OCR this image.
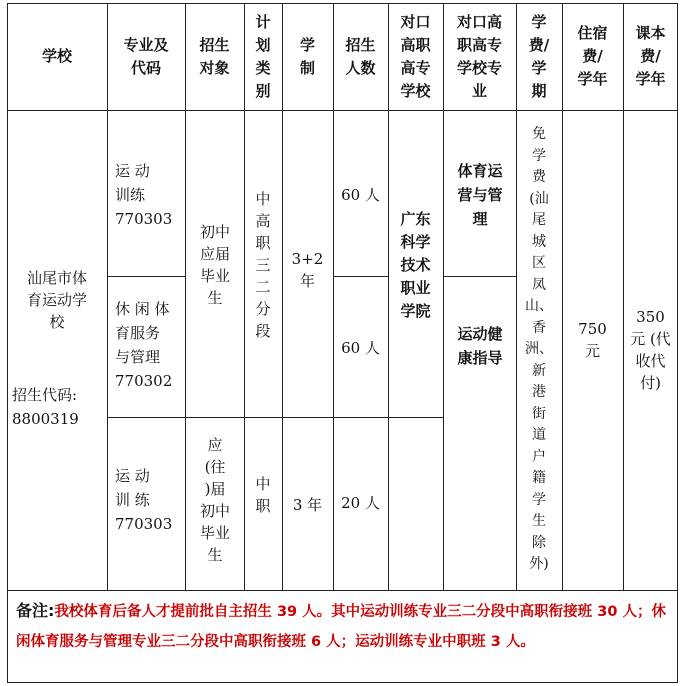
学校
专业及
代码
招生
对象
计
划
类
别
学
制
招生
人数
对口
高职
高专
学校
对口高
职高专
学校专
业
学
费/
学
期
住宿
费/
学年
课本
费/
学年
汕尾市体
育运动学
校
招生代码:
8800319
运 动
训练
770303
休 闲 体
育服务
与管理
770302
运 动
训 练
770303
初中
应届
毕业
生
应
(往
)届
初中
毕业
生
中
高
职
三
二
分
段
中
职
3+2
年
3 年
60 人
60 人
20 人
广东
科学
技术
职业
学院
体育运
营与管
理
运动健
康指导
免
学
费
(汕
尾
城
区
凤
山、
香
洲、
新
港
街
道
户
籍
学
生
除
外)
750
元
350
元 (代
收代
付)
备注:我校体育后备人才提前批自主招生 39 人。其中运动训练专业三二分段中高职衔接班 30 人；休闲体育服务与管理专业三二分段中高职衔接班 6 人；运动训练专业中职班 3 人。
